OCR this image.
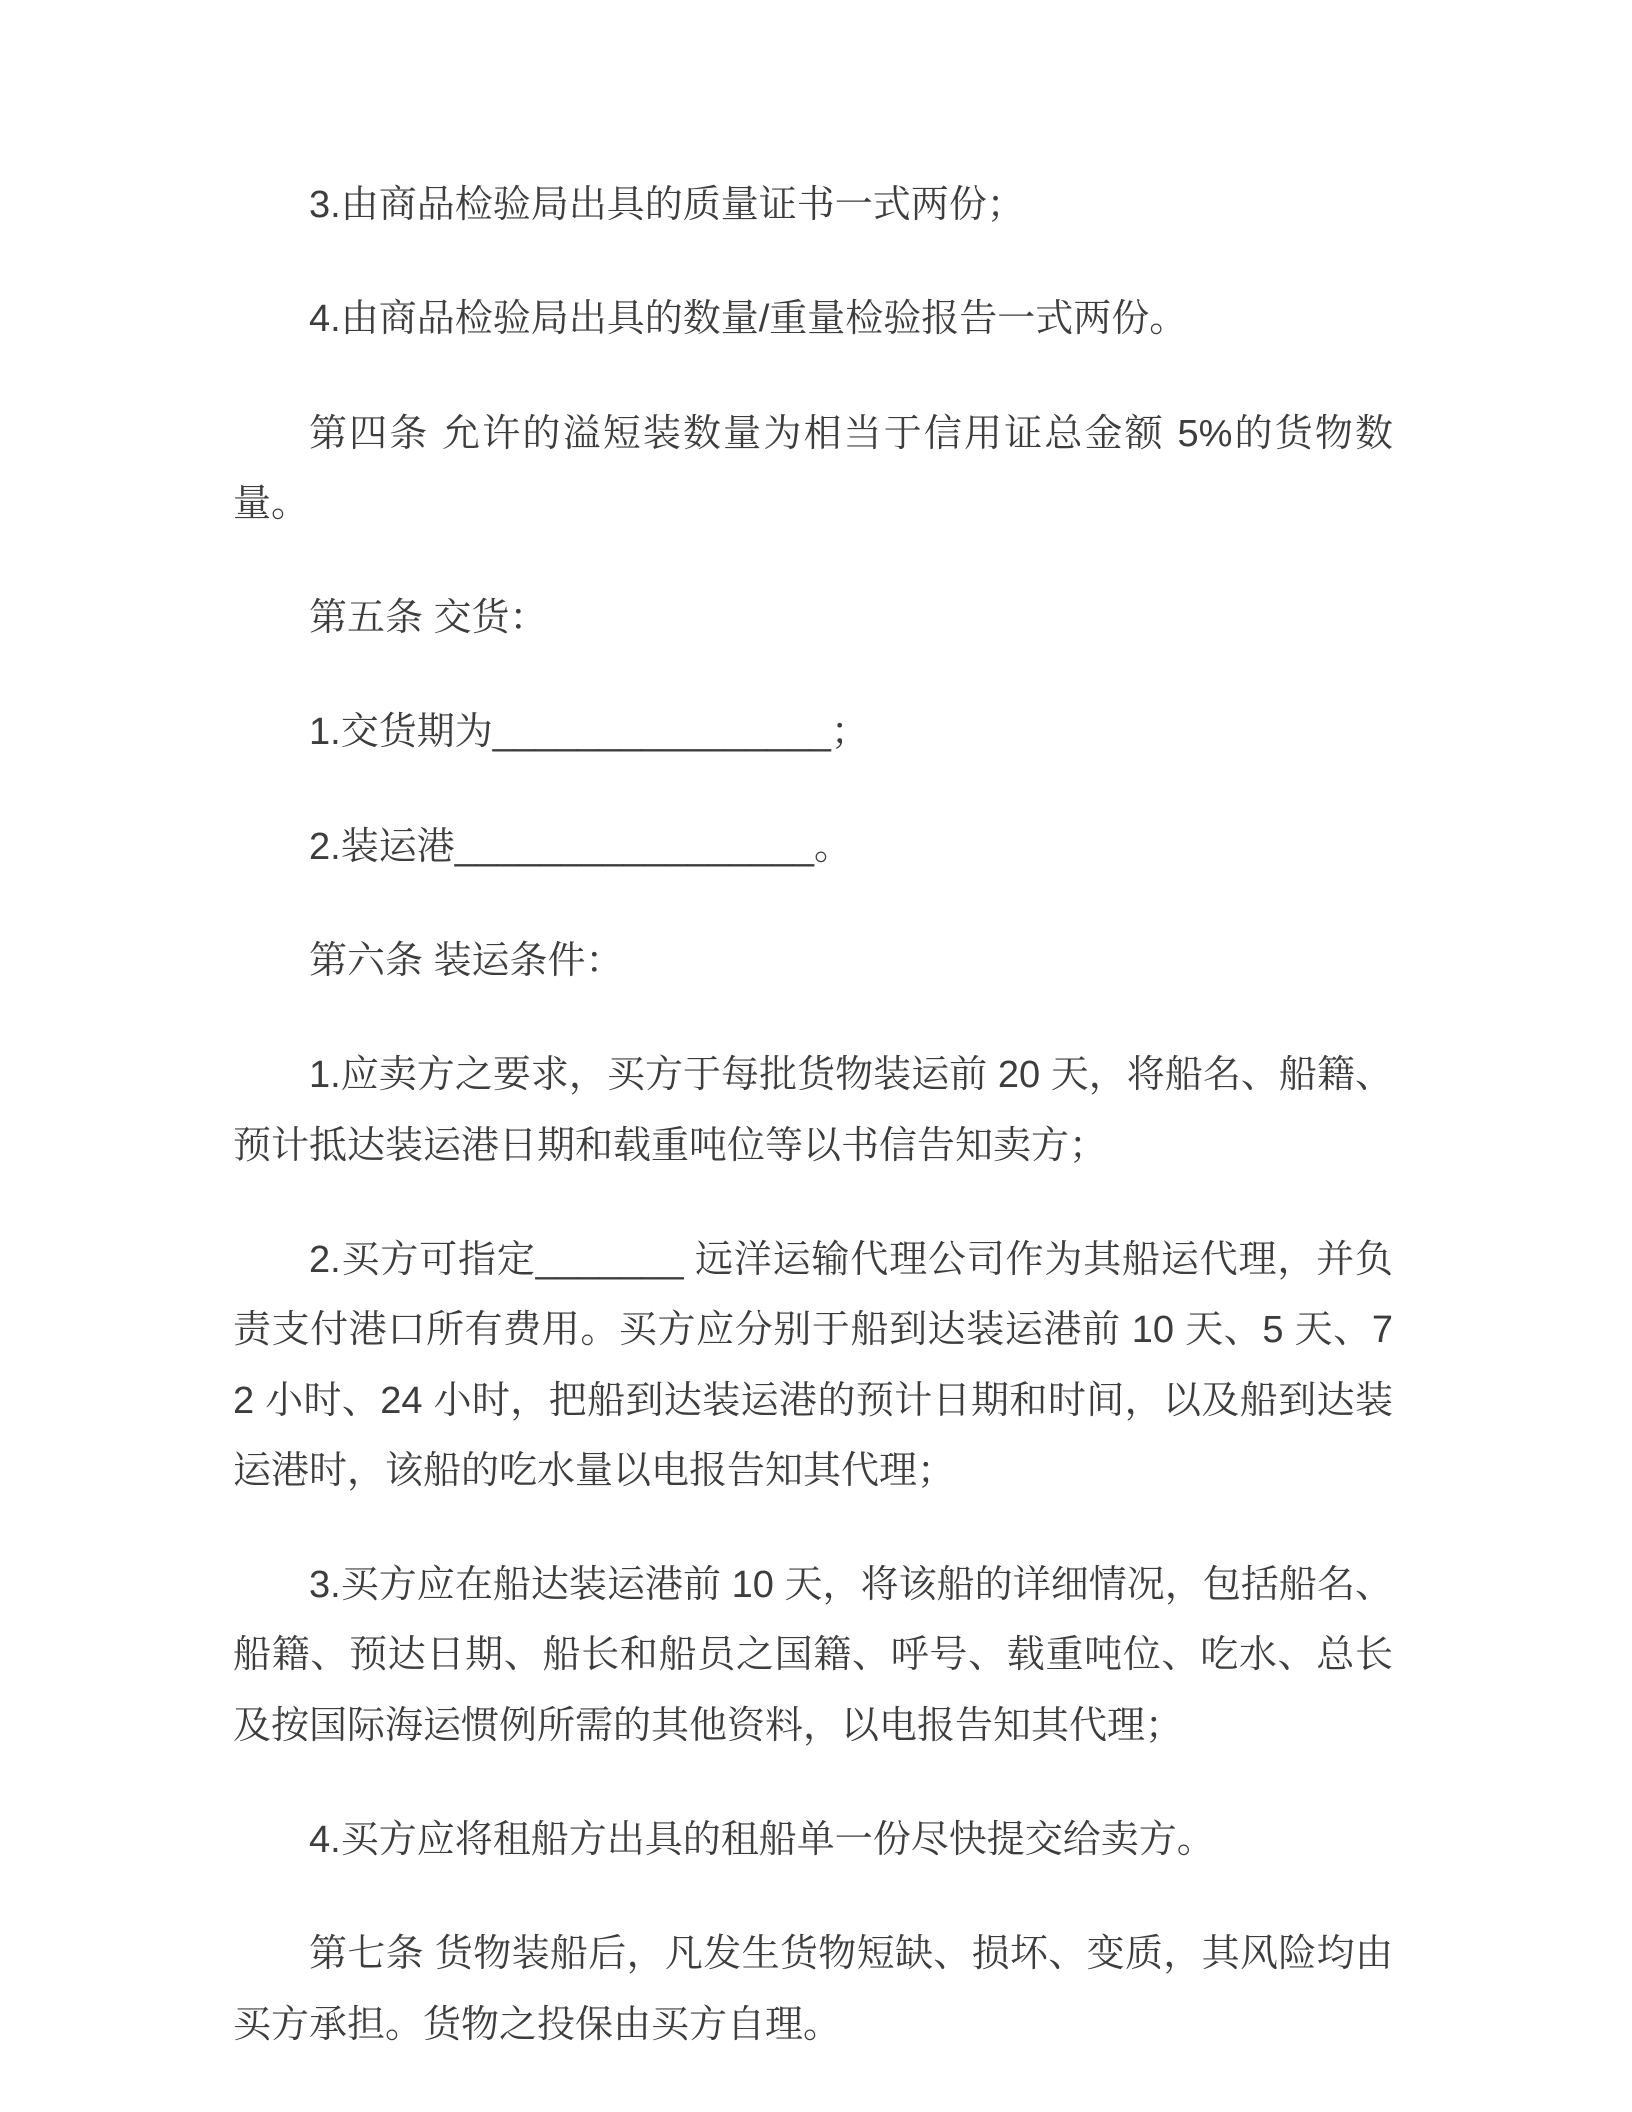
3.由商品检验局出具的质量证书一式两份；

4.由商品检验局出具的数量/重量检验报告一式两份。

第四条 允许的溢短装数量为相当于信用证总金额 5%的货物数量。

第五条 交货：

1.交货期为________________；

2.装运港_________________。

第六条 装运条件：

1.应卖方之要求，买方于每批货物装运前 20 天，将船名、船籍、预计抵达装运港日期和载重吨位等以书信告知卖方；

2.买方可指定_______ 远洋运输代理公司作为其船运代理，并负责支付港口所有费用。买方应分别于船到达装运港前 10 天、5 天、72 小时、24 小时，把船到达装运港的预计日期和时间，以及船到达装运港时，该船的吃水量以电报告知其代理；

3.买方应在船达装运港前 10 天，将该船的详细情况，包括船名、船籍、预达日期、船长和船员之国籍、呼号、载重吨位、吃水、总长及按国际海运惯例所需的其他资料，以电报告知其代理；

4.买方应将租船方出具的租船单一份尽快提交给卖方。

第七条 货物装船后，凡发生货物短缺、损坏、变质，其风险均由买方承担。货物之投保由买方自理。
